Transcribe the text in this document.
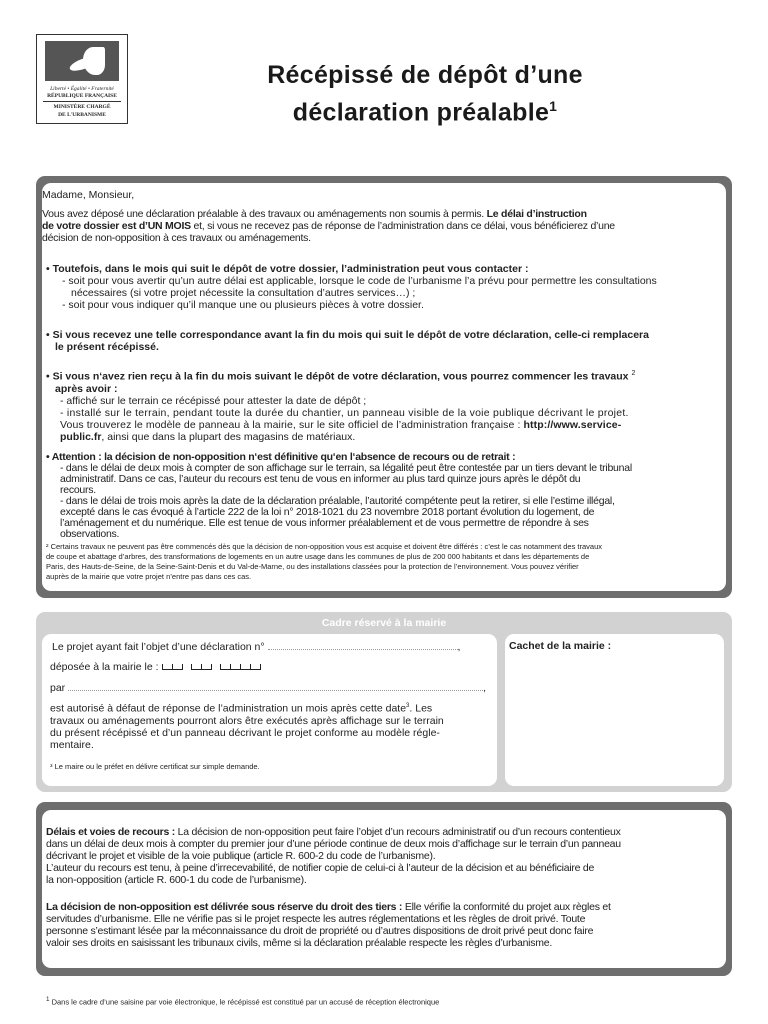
Liberté • Égalité • Fraternité
RÉPUBLIQUE FRANÇAISE
MINISTÈRE CHARGÉ
DE L'URBANISME
Récépissé de dépôt d’une
déclaration préalable$^1$
Madame, Monsieur,
Vous avez déposé une déclaration préalable à des travaux ou aménagements non soumis à permis. Le délai d’instruction
de votre dossier est d’UN MOIS et, si vous ne recevez pas de réponse de l’administration dans ce délai, vous bénéficierez d’une
décision de non-opposition à ces travaux ou aménagements.
• Toutefois, dans le mois qui suit le dépôt de votre dossier, l’administration peut vous contacter :
- soit pour vous avertir qu’un autre délai est applicable, lorsque le code de l’urbanisme l’a prévu pour permettre les consultations
nécessaires (si votre projet nécessite la consultation d’autres services…) ;
- soit pour vous indiquer qu’il manque une ou plusieurs pièces à votre dossier.
• Si vous recevez une telle correspondance avant la fin du mois qui suit le dépôt de votre déclaration, celle-ci remplacera
le présent récépissé.
• Si vous n‘avez rien reçu à la fin du mois suivant le dépôt de votre déclaration, vous pourrez commencer les travaux $^2$
après avoir :
- affiché sur le terrain ce récépissé pour attester la date de dépôt ;
- installé sur le terrain, pendant toute la durée du chantier, un panneau visible de la voie publique décrivant le projet.
Vous trouverez le modèle de panneau à la mairie, sur le site officiel de l’administration française : http://www.service-
public.fr, ainsi que dans la plupart des magasins de matériaux.
• Attention : la décision de non-opposition n‘est définitive qu‘en l‘absence de recours ou de retrait :
- dans le délai de deux mois à compter de son affichage sur le terrain, sa légalité peut être contestée par un tiers devant le tribunal
administratif. Dans ce cas, l’auteur du recours est tenu de vous en informer au plus tard quinze jours après le dépôt du
recours.
- dans le délai de trois mois après la date de la déclaration préalable, l’autorité compétente peut la retirer, si elle l’estime illégal,
excepté dans le cas évoqué à l’article 222 de la loi n° 2018-1021 du 23 novembre 2018 portant évolution du logement, de
l’aménagement et du numérique. Elle est tenue de vous informer préalablement et de vous permettre de répondre à ses
observations.
² Certains travaux ne peuvent pas être commencés dès que la décision de non-opposition vous est acquise et doivent être différés : c’est le cas notamment des travaux
de coupe et abattage d’arbres, des transformations de logements en un autre usage dans les communes de plus de 200 000 habitants et dans les départements de
Paris, des Hauts-de-Seine, de la Seine-Saint-Denis et du Val-de-Marne, ou des installations classées pour la protection de l’environnement. Vous pouvez vérifier
auprès de la mairie que votre projet n’entre pas dans ces cas.
Cadre réservé à la mairie
Le projet ayant fait l’objet d’une déclaration n°	,
déposée à la mairie le :
par	,
est autorisé à défaut de réponse de l’administration un mois après cette date$^3$. Les
travaux ou aménagements pourront alors être exécutés après affichage sur le terrain
du présent récépissé et d’un panneau décrivant le projet conforme au modèle régle-
mentaire.
³ Le maire ou le préfet en délivre certificat sur simple demande.
Cachet de la mairie :
Délais et voies de recours : La décision de non-opposition peut faire l’objet d’un recours administratif ou d’un recours contentieux
dans un délai de deux mois à compter du premier jour d’une période continue de deux mois d’affichage sur le terrain d’un panneau
décrivant le projet et visible de la voie publique (article R. 600-2 du code de l’urbanisme).
L’auteur du recours est tenu, à peine d’irrecevabilité, de notifier copie de celui-ci à l’auteur de la décision et au bénéficiaire de
la non-opposition (article R. 600-1 du code de l’urbanisme).
La décision de non-opposition est délivrée sous réserve du droit des tiers : Elle vérifie la conformité du projet aux règles et
servitudes d’urbanisme. Elle ne vérifie pas si le projet respecte les autres réglementations et les règles de droit privé. Toute
personne s’estimant lésée par la méconnaissance du droit de propriété ou d’autres dispositions de droit privé peut donc faire
valoir ses droits en saisissant les tribunaux civils, même si la déclaration préalable respecte les règles d’urbanisme.
$^1$ Dans le cadre d’une saisine par voie électronique, le récépissé est constitué par un accusé de réception électronique
